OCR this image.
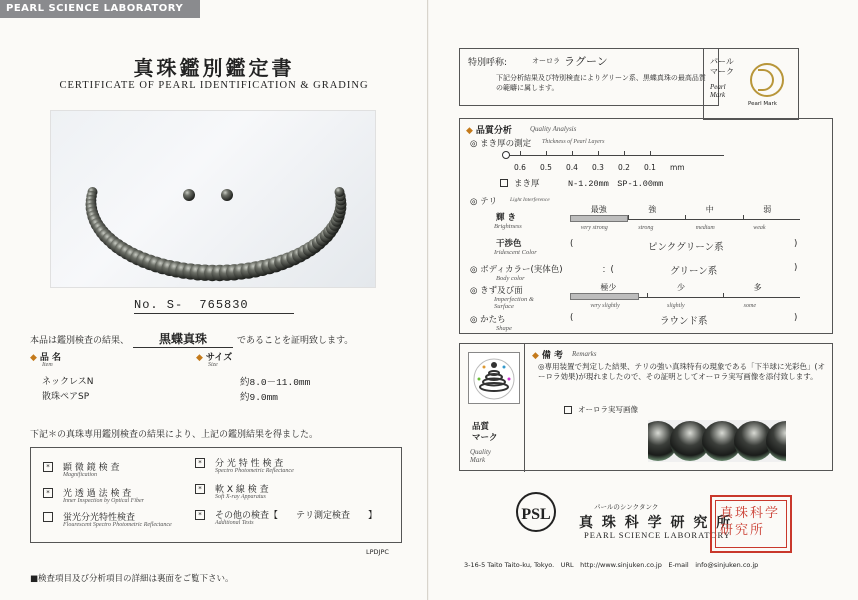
PEARL SCIENCE LABORATORY
真珠鑑別鑑定書
CERTIFICATE OF PEARL IDENTIFICATION & GRADING
No. S- 765830
本品は鑑別検査の結果、 黒蝶真珠	であることを証明致します。
◆ 品 名
Item
◆ サイズ
Size
ネックレスN	約8.0－11.0mm
散珠ペアSP	約9.0mm
下記＊の真珠専用鑑別検査の結果により、上記の鑑別結果を得ました。
*	顕 微 鏡 検 査
Magnification
*	光 透 過 法 検 査
Inner Inspection by Optical Fiber
蛍光分光特性検査
Flourescent Spectro Photometric Reflectance
*	分 光 特 性 検 査
Spectro Photometric Reflectance
*	軟 X 線 検 査
Soft X-ray Apparatus
*	その他の検査【　　テリ測定検査　　】
Additional Tests
LPDJPC
■検査項目及び分析項目の詳細は裏面をご覧下さい。
特別呼称:	オーロラ ラグーン
下記分析結果及び特別検査によりグリーン系、黒蝶真珠の最高品質の範疇に属します。
パール
マーク
Pearl Mark
Pearl Mark
◆ 品質分析	Quality Analysis
◎ まき厚の測定 Thickness of Pearl Layers
0.6 0.5 0.4 0.3 0.2 0.1 mm
まき厚	N-1.20mm　SP-1.00mm
◎ テリ Light Interference
輝 き
Brightness
最強
very strong
強
strong
中
medium
弱
weak
干渉色
Iridescent Color
(	ピンクグリーン系	)
◎ ボディカラー(実体色)
Body color
：(	グリーン系	)
◎ きず及び面
Imperfection & Surface
極少
very slightly
少
slightly
多
some
◎ かたち
Shape
(	ラウンド系	)
品質
マーク
Quality Mark
◆ 備 考 Remarks
◎専用装置で判定した結果、テリの強い真珠特有の現象である「下半球に光彩色」(オーロラ効果)が現れましたので、その証明としてオーロラ実写画像を添付致します。
オーロラ実写画像
PSL	パールのシンクタンク
真 珠 科 学 研 究 所
PEARL SCIENCE LABORATORY
真珠科学研究所
3-16-5 Taito Taito-ku, Tokyo.　URL　http://www.sinjuken.co.jp　E-mail　info@sinjuken.co.jp
